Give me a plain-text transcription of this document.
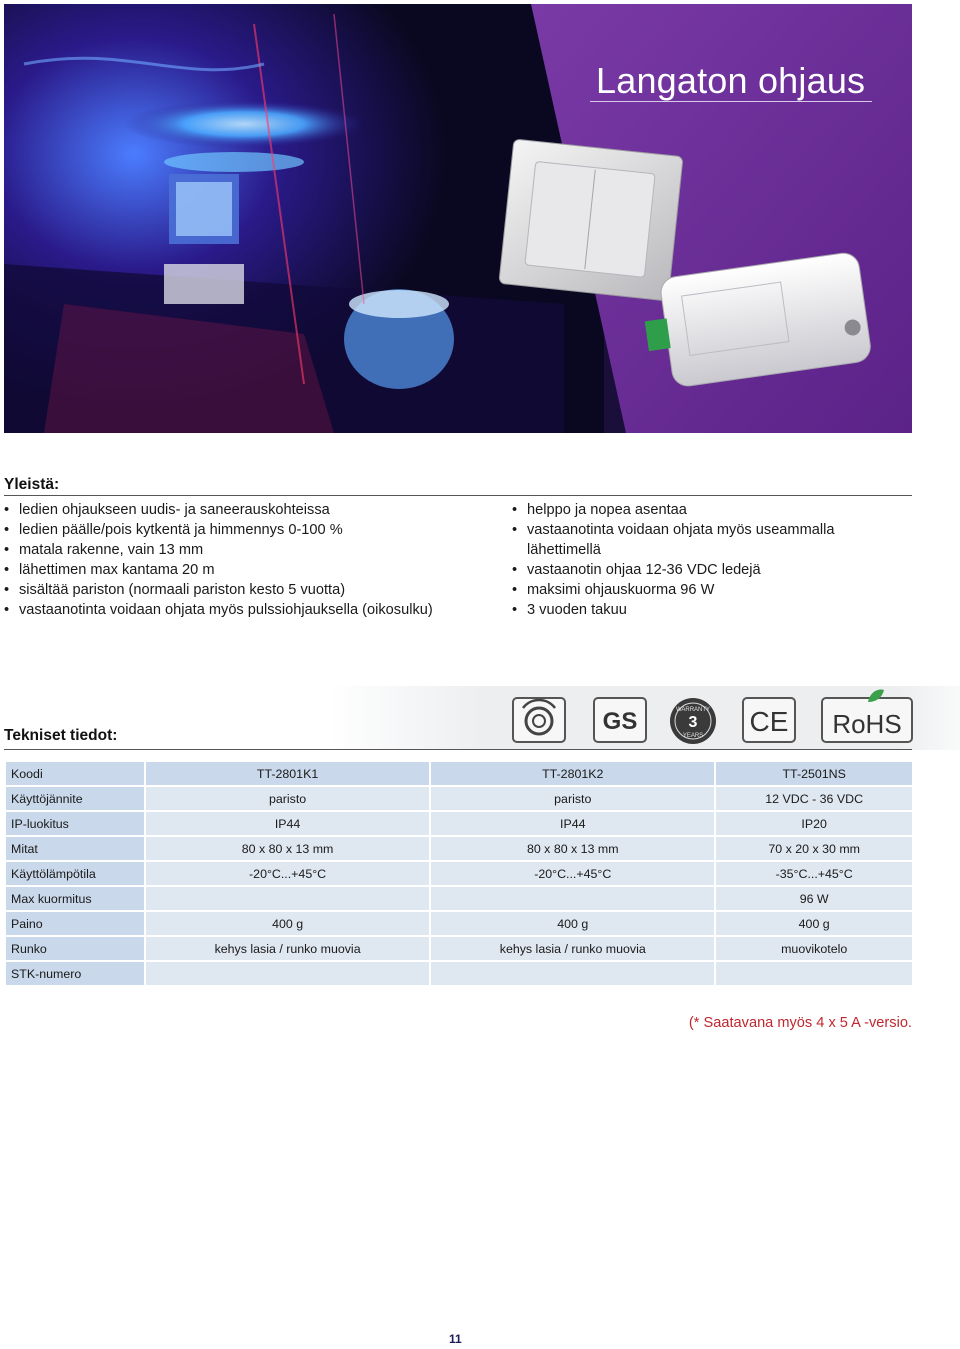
Langaton ohjaus
Yleistä:
• ledien ohjaukseen uudis- ja saneerauskohteissa
• ledien päälle/pois kytkentä ja himmennys 0-100 %
• matala rakenne, vain 13 mm
• lähettimen max kantama 20 m
• sisältää pariston (normaali pariston kesto 5 vuotta)
• vastaanotinta voidaan ohjata myös pulssiohjauksella (oikosulku)
• helppo ja nopea asentaa
• vastaanotinta voidaan ohjata myös useammalla lähettimellä
• vastaanotin ohjaa 12-36 VDC ledejä
• maksimi ohjauskuorma 96 W
• 3 vuoden takuu
GS	WARRANTY
3
YEARS CE RoHS
Tekniset tiedot:
Koodi	TT-2801K1	TT-2801K2	TT-2501NS
Käyttöjännite	paristo	paristo	12 VDC - 36 VDC
IP-luokitus	IP44	IP44	IP20
Mitat	80 x 80 x 13 mm	80 x 80 x 13 mm	70 x 20 x 30 mm
Käyttölämpötila	-20°C...+45°C	-20°C...+45°C	-35°C...+45°C
Max kuormitus			96 W
Paino	400 g	400 g	400 g
Runko	kehys lasia / runko muovia	kehys lasia / runko muovia	muovikotelo
STK-numero			
(* Saatavana myös 4 x 5 A -versio.
11
